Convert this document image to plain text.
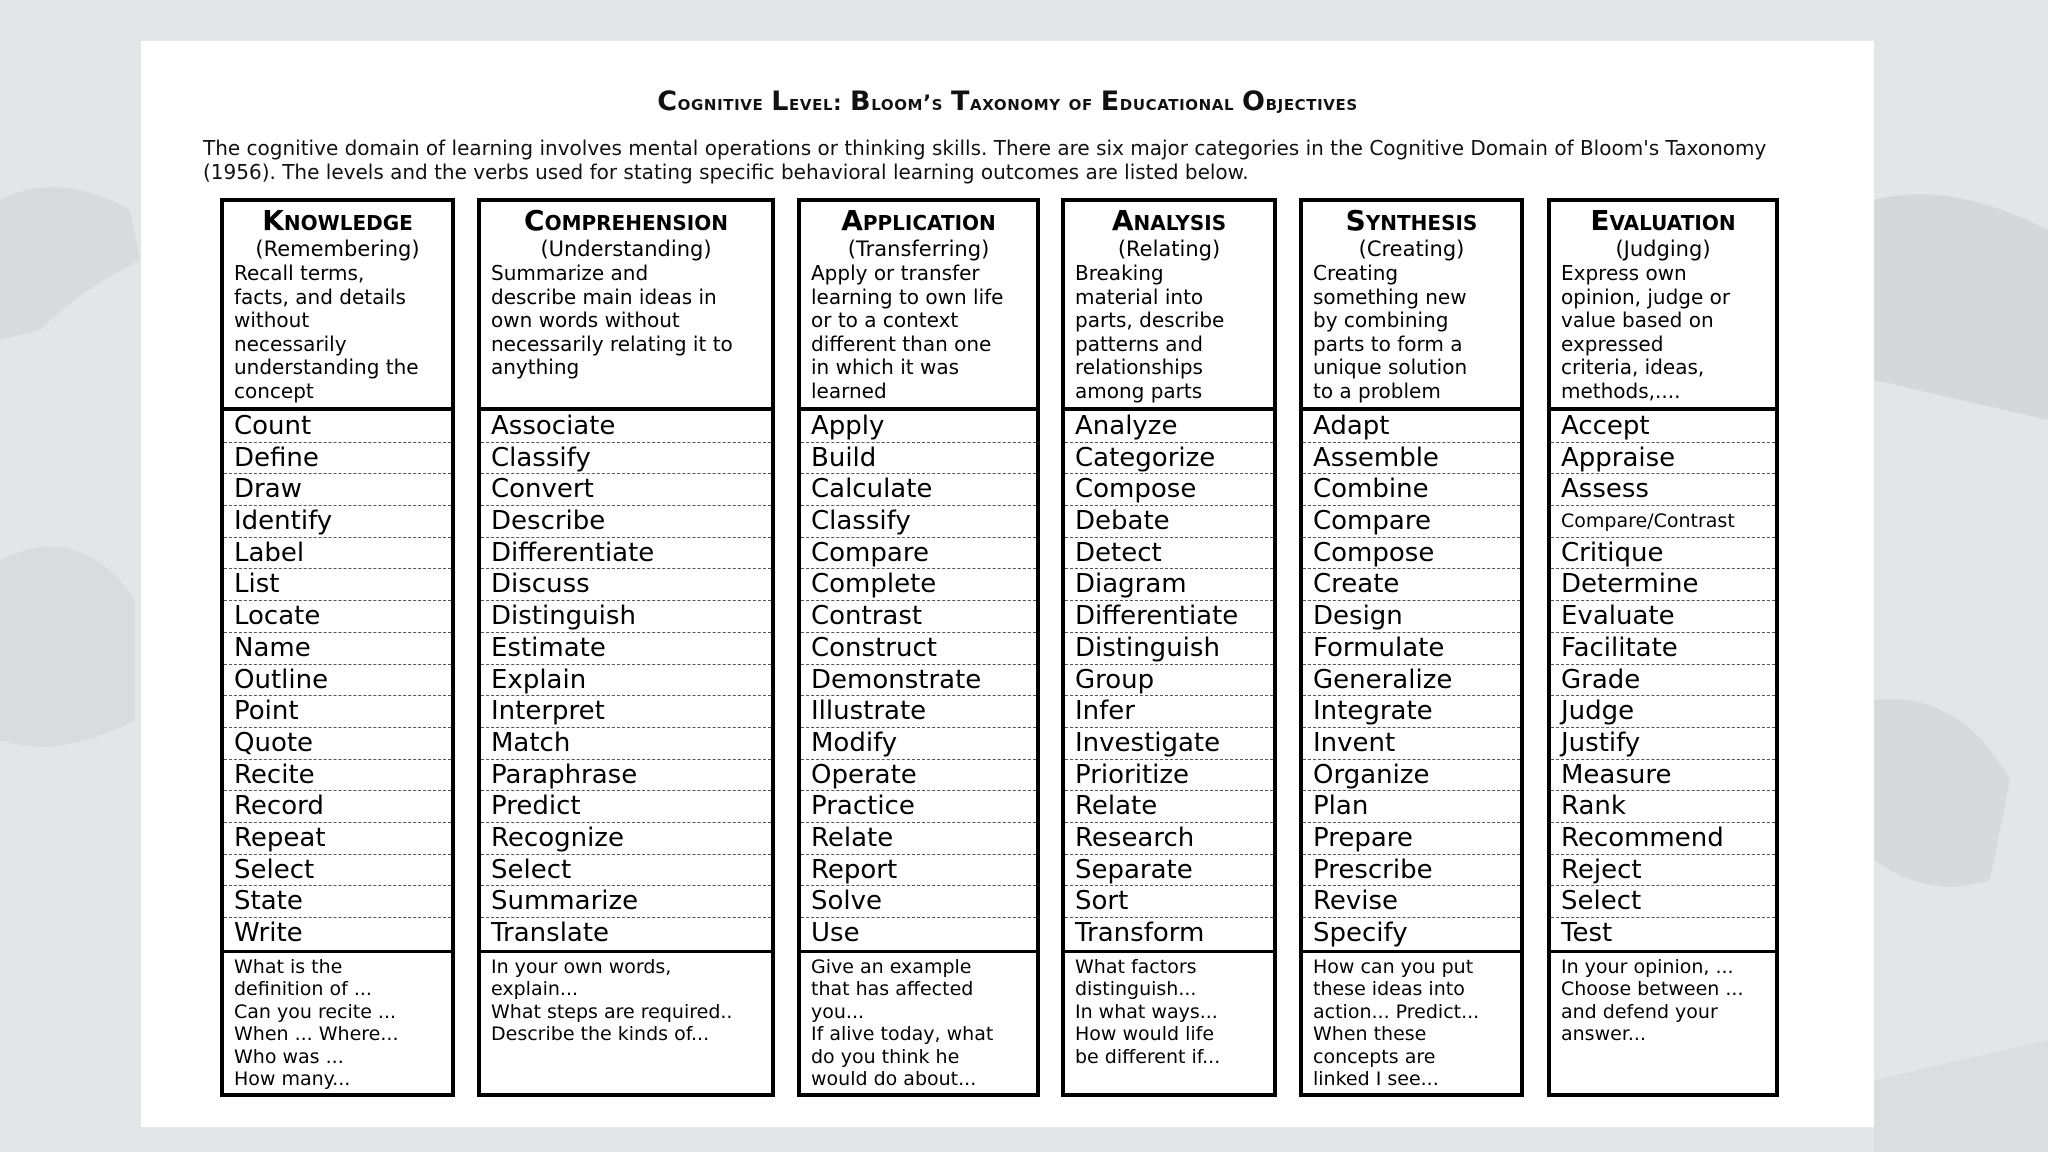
Cognitive Level: Bloom’s Taxonomy of Educational Objectives
The cognitive domain of learning involves mental operations or thinking skills. There are six major categories in the Cognitive Domain of Bloom's Taxonomy (1956). The levels and the verbs used for stating specific behavioral learning outcomes are listed below.
Knowledge
(Remembering)
Recall terms,
facts, and details
without
necessarily
understanding the
concept
Count
Define
Draw
Identify
Label
List
Locate
Name
Outline
Point
Quote
Recite
Record
Repeat
Select
State
Write
What is the
definition of ...
Can you recite ...
When ... Where...
Who was ...
How many...
Comprehension
(Understanding)
Summarize and
describe main ideas in
own words without
necessarily relating it to
anything
Associate
Classify
Convert
Describe
Differentiate
Discuss
Distinguish
Estimate
Explain
Interpret
Match
Paraphrase
Predict
Recognize
Select
Summarize
Translate
In your own words,
explain...
What steps are required..
Describe the kinds of...
Application
(Transferring)
Apply or transfer
learning to own life
or to a context
different than one
in which it was
learned
Apply
Build
Calculate
Classify
Compare
Complete
Contrast
Construct
Demonstrate
Illustrate
Modify
Operate
Practice
Relate
Report
Solve
Use
Give an example
that has affected
you...
If alive today, what
do you think he
would do about...
Analysis
(Relating)
Breaking
material into
parts, describe
patterns and
relationships
among parts
Analyze
Categorize
Compose
Debate
Detect
Diagram
Differentiate
Distinguish
Group
Infer
Investigate
Prioritize
Relate
Research
Separate
Sort
Transform
What factors
distinguish...
In what ways...
How would life
be different if...
Synthesis
(Creating)
Creating
something new
by combining
parts to form a
unique solution
to a problem
Adapt
Assemble
Combine
Compare
Compose
Create
Design
Formulate
Generalize
Integrate
Invent
Organize
Plan
Prepare
Prescribe
Revise
Specify
How can you put
these ideas into
action... Predict...
When these
concepts are
linked I see...
Evaluation
(Judging)
Express own
opinion, judge or
value based on
expressed
criteria, ideas,
methods,....
Accept
Appraise
Assess
Compare/Contrast
Critique
Determine
Evaluate
Facilitate
Grade
Judge
Justify
Measure
Rank
Recommend
Reject
Select
Test
In your opinion, ...
Choose between ...
and defend your
answer...
